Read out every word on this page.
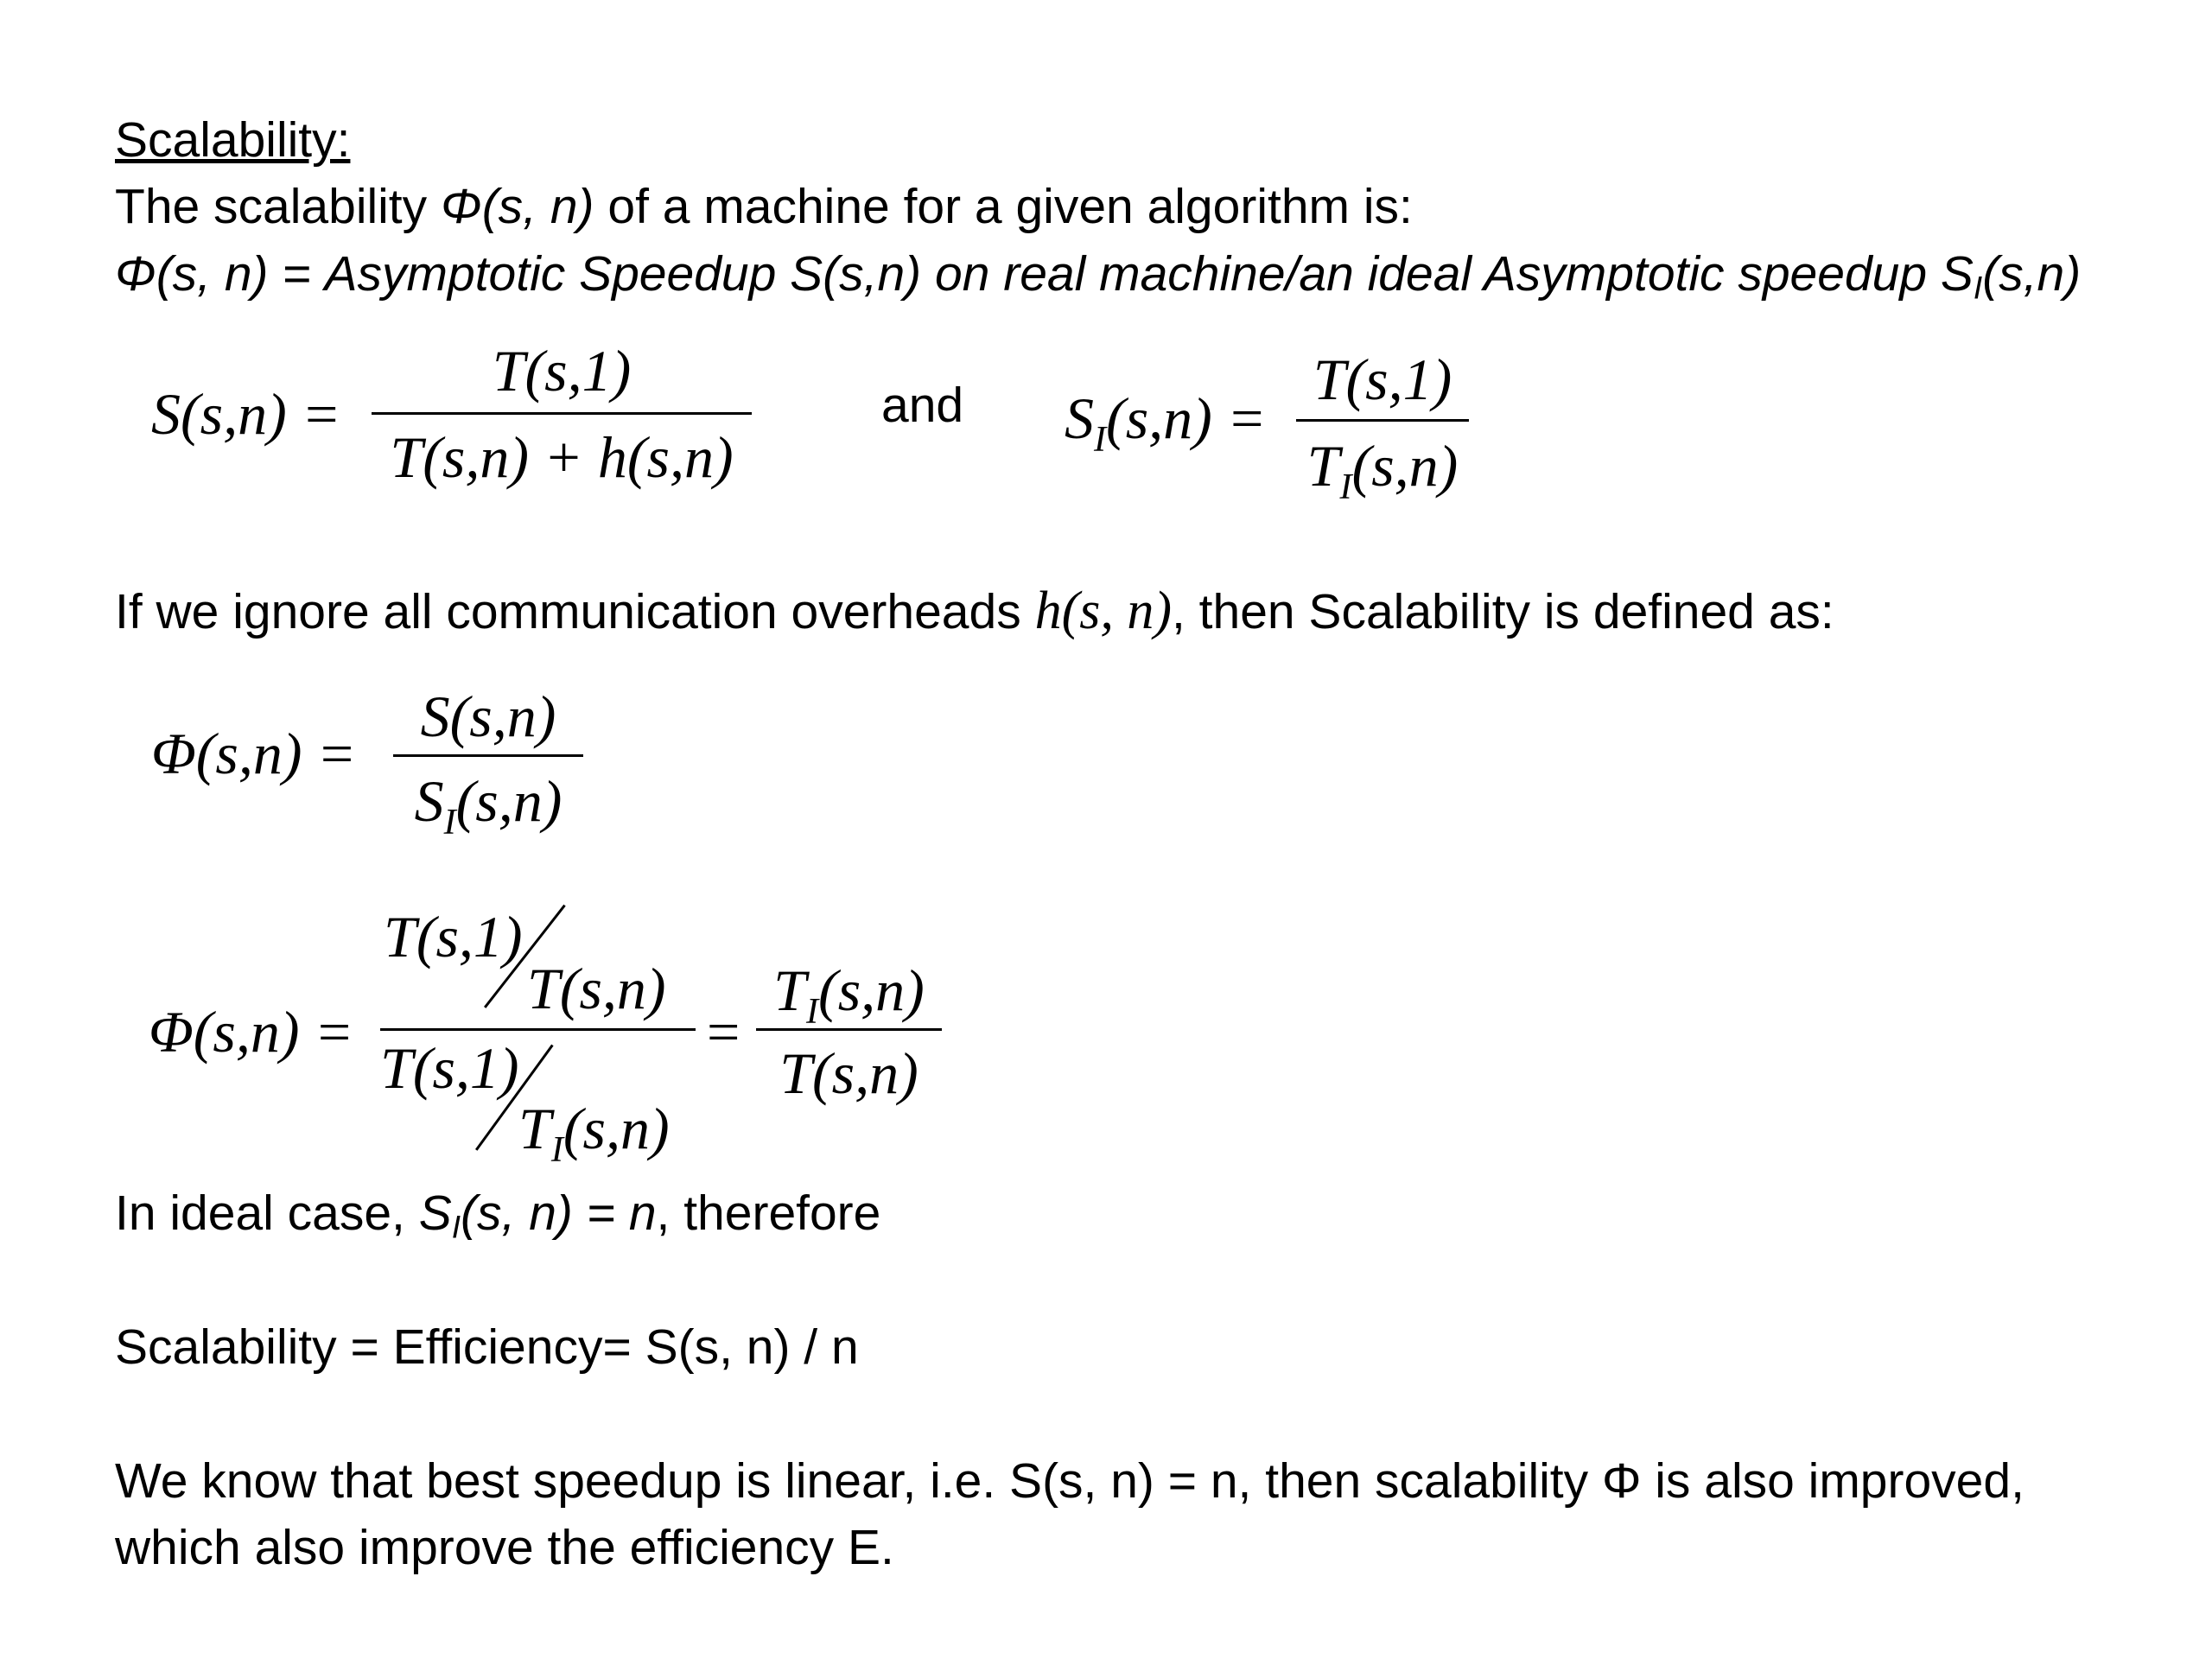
Scalability:
The scalability Φ(s, n) of a machine for a given algorithm is:
Φ(s, n) = Asymptotic Speedup S(s,n) on real machine/an ideal Asymptotic speedup $S_I(s,n)$
S(s,n) =
T(s,1)
T(s,n) + h(s,n)
and $S_I(s,n)$ =
T(s,1)
$T_I(s,n)$
If we ignore all communication overheads h(s, n), then Scalability is defined as:
Φ(s,n) =
S(s,n)
$S_I(s,n)$
Φ(s,n) =
T(s,1)
T(s,n)
T(s,1)
$T_I(s,n)$
=
$T_I(s,n)$
T(s,n)
In ideal case, $S_I(s$, n) = n, therefore
Scalability = Efficiency= S(s, n) / n
We know that best speedup is linear, i.e. S(s, n) = n, then scalability Φ is also improved,
which also improve the efficiency E.
